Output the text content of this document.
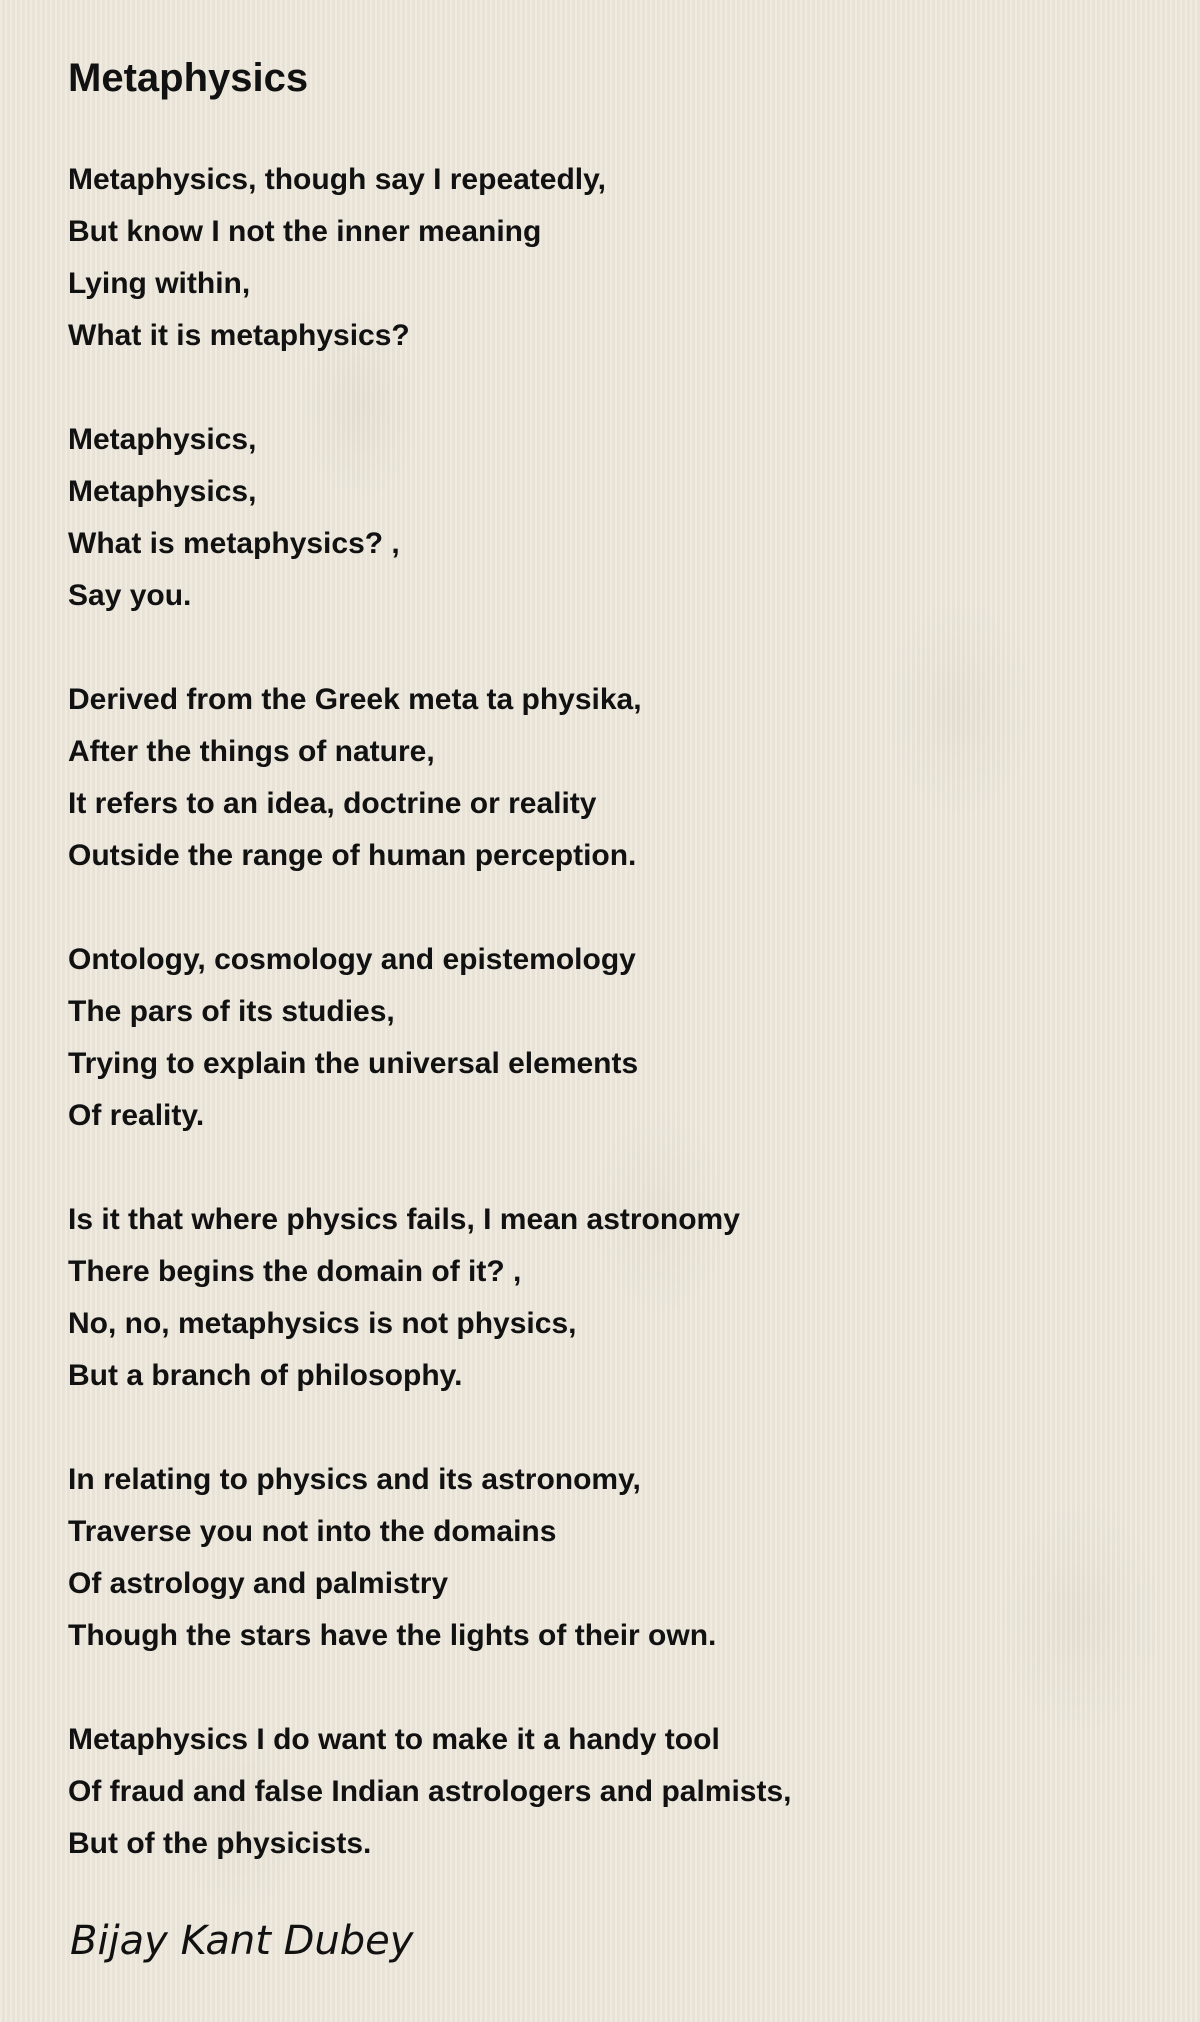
Metaphysics
Metaphysics, though say I repeatedly,
But know I not the inner meaning
Lying within,
What it is metaphysics?
Metaphysics,
Metaphysics,
What is metaphysics? ,
Say you.
Derived from the Greek meta ta physika,
After the things of nature,
It refers to an idea, doctrine or reality
Outside the range of human perception.
Ontology, cosmology and epistemology
The pars of its studies,
Trying to explain the universal elements
Of reality.
Is it that where physics fails, I mean astronomy
There begins the domain of it? ,
No, no, metaphysics is not physics,
But a branch of philosophy.
In relating to physics and its astronomy,
Traverse you not into the domains
Of astrology and palmistry
Though the stars have the lights of their own.
Metaphysics I do want to make it a handy tool
Of fraud and false Indian astrologers and palmists,
But of the physicists.
Bijay Kant Dubey
